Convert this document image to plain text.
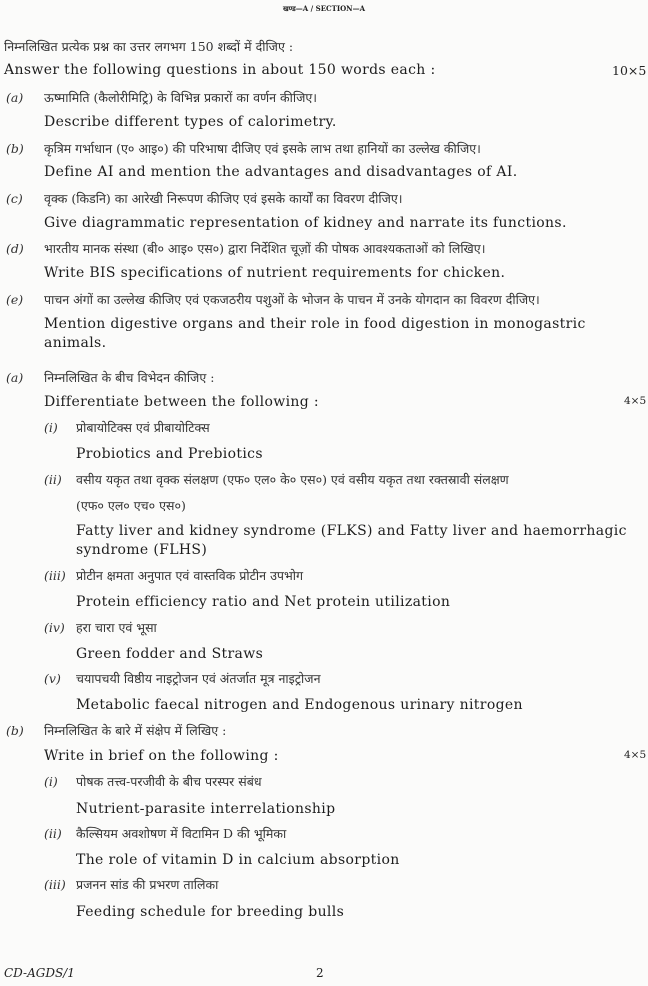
खण्ड—A / SECTION—A
निम्नलिखित प्रत्येक प्रश्न का उत्तर लगभग 150 शब्दों में दीजिए :
Answer the following questions in about 150 words each :	10×5
(a) ऊष्मामिति (कैलोरीमिट्रि) के विभिन्न प्रकारों का वर्णन कीजिए।
Describe different types of calorimetry.
(b) कृत्रिम गर्भाधान (ए० आइ०) की परिभाषा दीजिए एवं इसके लाभ तथा हानियों का उल्लेख कीजिए।
Define AI and mention the advantages and disadvantages of AI.
(c) वृक्क (किडनि) का आरेखी निरूपण कीजिए एवं इसके कार्यों का विवरण दीजिए।
Give diagrammatic representation of kidney and narrate its functions.
(d) भारतीय मानक संस्था (बी० आइ० एस०) द्वारा निर्देशित चूज़ों की पोषक आवश्यकताओं को लिखिए।
Write BIS specifications of nutrient requirements for chicken.
(e) पाचन अंगों का उल्लेख कीजिए एवं एकजठरीय पशुओं के भोजन के पाचन में उनके योगदान का विवरण दीजिए।
Mention digestive organs and their role in food digestion in monogastric
animals.
(a) निम्नलिखित के बीच विभेदन कीजिए :
Differentiate between the following :	4×5
(i) प्रोबायोटिक्स एवं प्रीबायोटिक्स
Probiotics and Prebiotics
(ii) वसीय यकृत तथा वृक्क संलक्षण (एफ० एल० के० एस०) एवं वसीय यकृत तथा रक्तस्रावी संलक्षण
(एफ० एल० एच० एस०)
Fatty liver and kidney syndrome (FLKS) and Fatty liver and haemorrhagic
syndrome (FLHS)
(iii) प्रोटीन क्षमता अनुपात एवं वास्तविक प्रोटीन उपभोग
Protein efficiency ratio and Net protein utilization
(iv) हरा चारा एवं भूसा
Green fodder and Straws
(v) चयापचयी विष्ठीय नाइट्रोजन एवं अंतर्जात मूत्र नाइट्रोजन
Metabolic faecal nitrogen and Endogenous urinary nitrogen
(b) निम्नलिखित के बारे में संक्षेप में लिखिए :
Write in brief on the following :	4×5
(i) पोषक तत्त्व-परजीवी के बीच परस्पर संबंध
Nutrient-parasite interrelationship
(ii) कैल्सियम अवशोषण में विटामिन D की भूमिका
The role of vitamin D in calcium absorption
(iii) प्रजनन सांड की प्रभरण तालिका
Feeding schedule for breeding bulls
CD-AGDS/1	2
